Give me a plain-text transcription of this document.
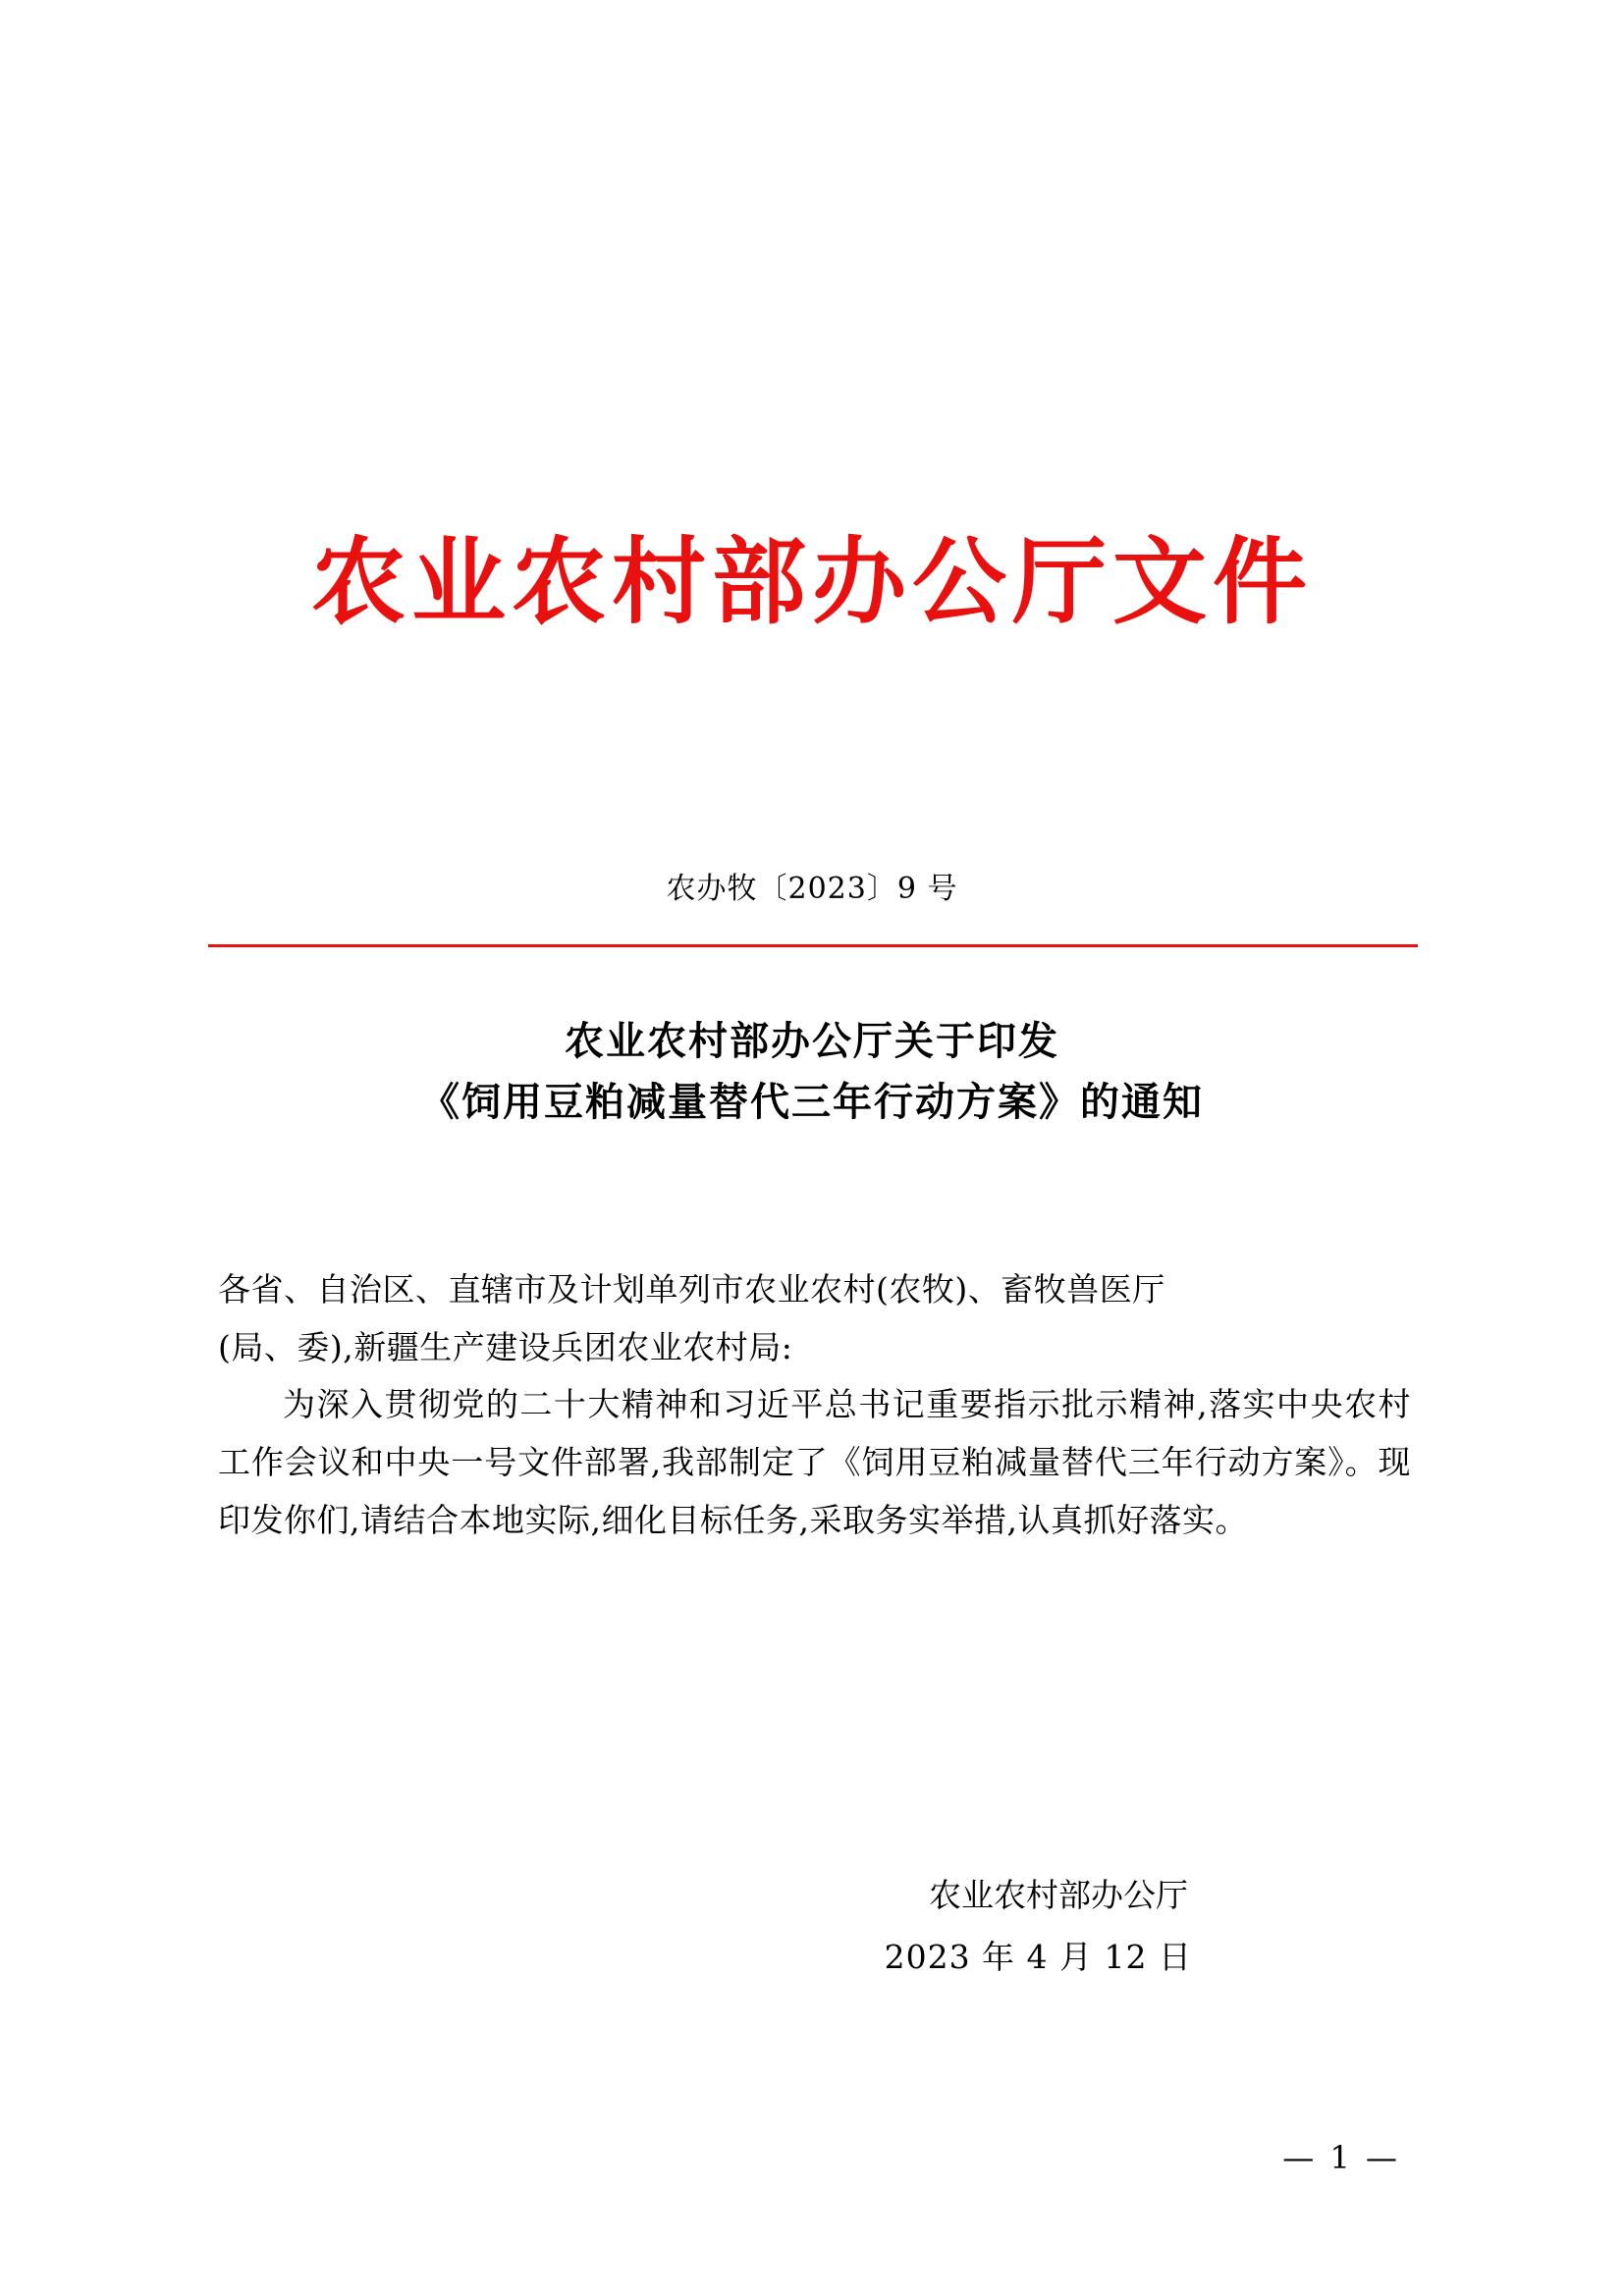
农业农村部办公厅文件
农办牧〔2023〕9 号
农业农村部办公厅关于印发
《饲用豆粕减量替代三年行动方案》的通知

各省、自治区、直辖市及计划单列市农业农村(农牧)、畜牧兽医厅

(局、委),新疆生产建设兵团农业农村局:

为深入贯彻党的二十大精神和习近平总书记重要指示批示精神,落实中央农村工作会议和中央一号文件部署,我部制定了《饲用豆粕减量替代三年行动方案》。现印发你们,请结合本地实际,细化目标任务,采取务实举措,认真抓好落实。

农业农村部办公厅
2023 年 4 月 12 日
— 1 —
